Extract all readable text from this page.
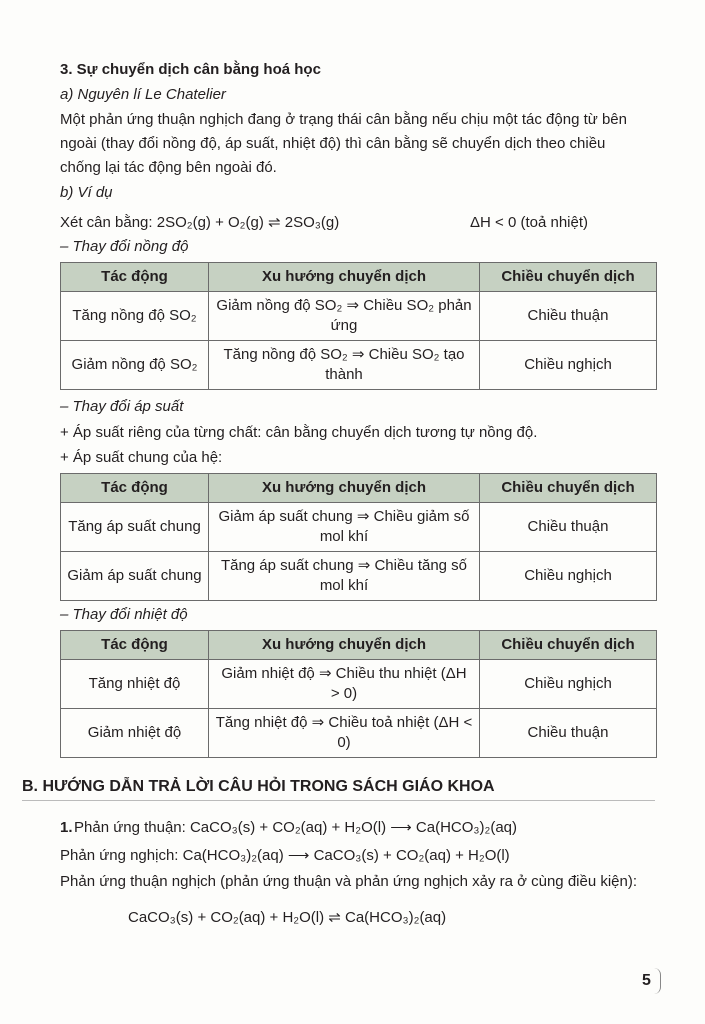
3. Sự chuyển dịch cân bằng hoá học
a) Nguyên lí Le Chatelier
Một phản ứng thuận nghịch đang ở trạng thái cân bằng nếu chịu một tác động từ bên
ngoài (thay đổi nồng độ, áp suất, nhiệt độ) thì cân bằng sẽ chuyển dịch theo chiều
chống lại tác động bên ngoài đó.
b) Ví dụ
Xét cân bằng: 2SO₂(g) + O₂(g) ⇌ 2SO₃(g)	ΔH < 0 (toả nhiệt)
– Thay đổi nồng độ
Tác động	Xu hướng chuyển dịch	Chiều chuyển dịch
Tăng nồng độ SO₂	Giảm nồng độ SO₂ ⇒ Chiều SO₂ phản ứng	Chiều thuận
Giảm nồng độ SO₂	Tăng nồng độ SO₂ ⇒ Chiều SO₂ tạo thành	Chiều nghịch
– Thay đổi áp suất
+ Áp suất riêng của từng chất: cân bằng chuyển dịch tương tự nồng độ.
+ Áp suất chung của hệ:
Tác động	Xu hướng chuyển dịch	Chiều chuyển dịch
Tăng áp suất chung	Giảm áp suất chung ⇒ Chiều giảm số mol khí	Chiều thuận
Giảm áp suất chung	Tăng áp suất chung ⇒ Chiều tăng số mol khí	Chiều nghịch
– Thay đổi nhiệt độ
Tác động	Xu hướng chuyển dịch	Chiều chuyển dịch
Tăng nhiệt độ	Giảm nhiệt độ ⇒ Chiều thu nhiệt (ΔH > 0)	Chiều nghịch
Giảm nhiệt độ	Tăng nhiệt độ ⇒ Chiều toả nhiệt (ΔH < 0)	Chiều thuận
B. HƯỚNG DẪN TRẢ LỜI CÂU HỎI TRONG SÁCH GIÁO KHOA
1. Phản ứng thuận: CaCO₃(s) + CO₂(aq) + H₂O(l) ⟶ Ca(HCO₃)₂(aq)
Phản ứng nghịch: Ca(HCO₃)₂(aq) ⟶ CaCO₃(s) + CO₂(aq) + H₂O(l)
Phản ứng thuận nghịch (phản ứng thuận và phản ứng nghịch xảy ra ở cùng điều kiện):
CaCO₃(s) + CO₂(aq) + H₂O(l) ⇌ Ca(HCO₃)₂(aq)
5
